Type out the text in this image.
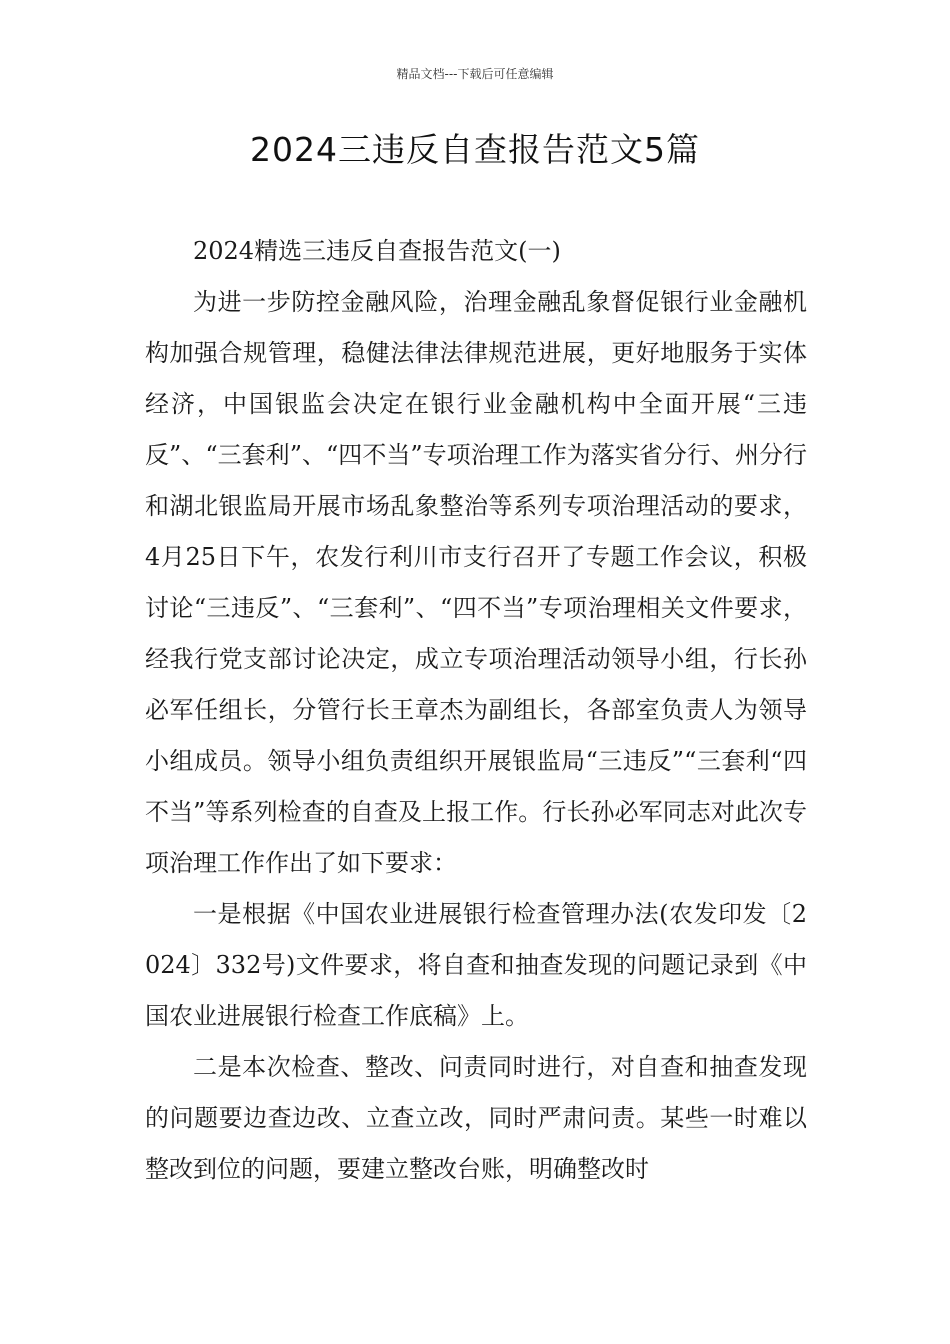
精品文档---下载后可任意编辑
2024三违反自查报告范文5篇

2024精选三违反自查报告范文(一)

为进一步防控金融风险，治理金融乱象督促银行业金融机构加强合规管理，稳健法律法律规范进展，更好地服务于实体经济，中国银监会决定在银行业金融机构中全面开展“三违反”、“三套利”、“四不当”专项治理工作为落实省分行、州分行和湖北银监局开展市场乱象整治等系列专项治理活动的要求，4月25日下午，农发行利川市支行召开了专题工作会议，积极讨论“三违反”、“三套利”、“四不当”专项治理相关文件要求，经我行党支部讨论决定，成立专项治理活动领导小组，行长孙必军任组长，分管行长王章杰为副组长，各部室负责人为领导小组成员。领导小组负责组织开展银监局“三违反”“三套利“四不当”等系列检查的自查及上报工作。行长孙必军同志对此次专项治理工作作出了如下要求：

一是根据《中国农业进展银行检查管理办法(农发印发〔2024〕332号)文件要求，将自查和抽查发现的问题记录到《中国农业进展银行检查工作底稿》上。

二是本次检查、整改、问责同时进行，对自查和抽查发现的问题要边查边改、立查立改，同时严肃问责。某些一时难以整改到位的问题，要建立整改台账，明确整改时
